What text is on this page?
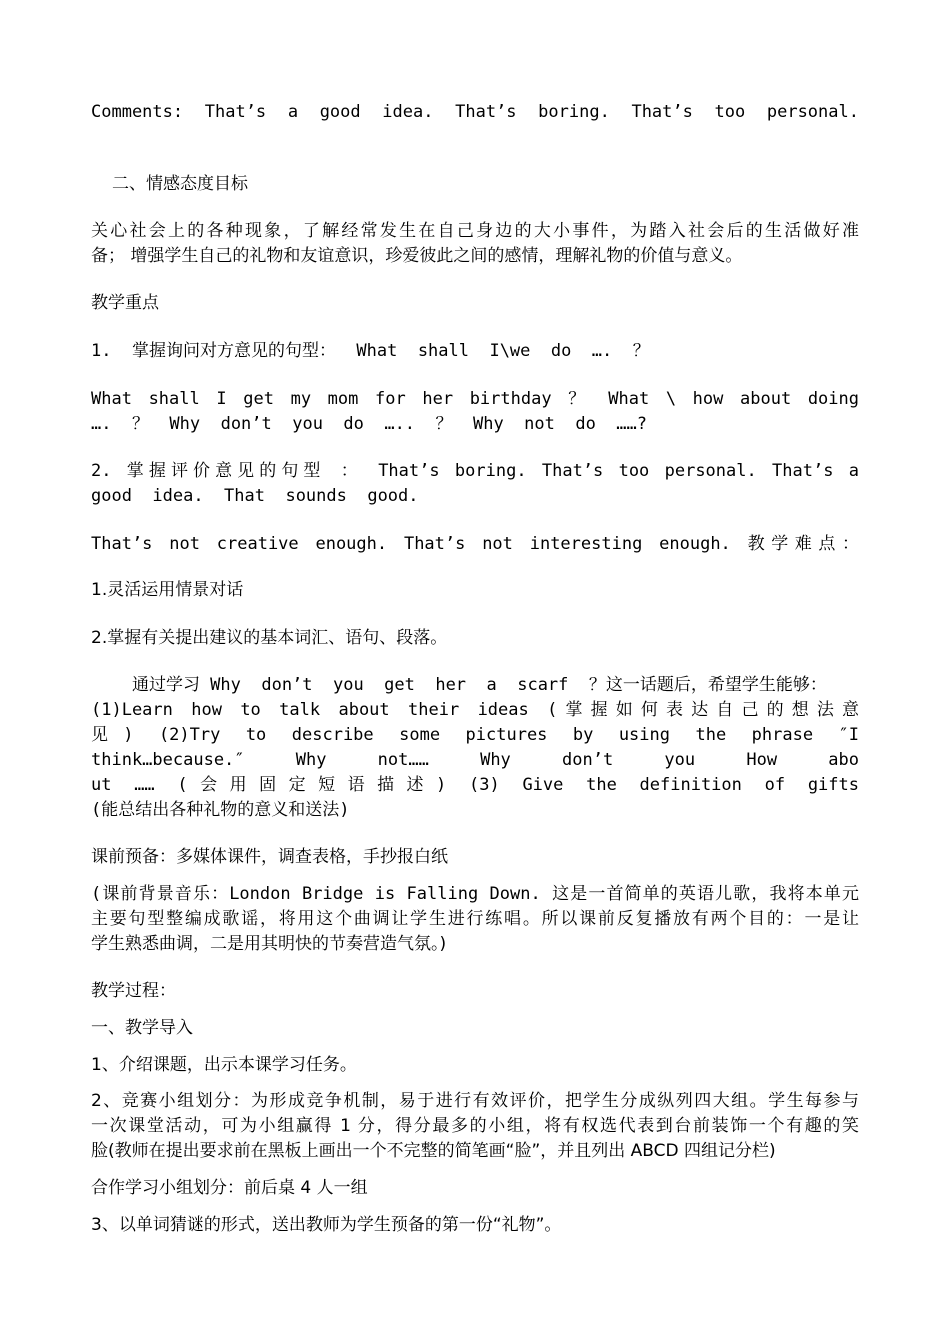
Comments: That’s a good idea. That’s boring. That’s too personal.
二、情感态度目标
关心社会上的各种现象，了解经常发生在自己身边的大小事件，为踏入社会后的生活做好准
备； 增强学生自己的礼物和友谊意识，珍爱彼此之间的感情，理解礼物的价值与意义。
教学重点
1.  掌握询问对方意见的句型：  What  shall  I\we  do  ….  ？
What shall I get my mom for her birthday ？ What \ how about doing
….  ？  Why  don’t  you  do  …..  ？  Why  not  do  ……?
2. 掌握评价意见的句型 ： That’s boring. That’s too personal. That’s a
good  idea.  That  sounds  good.
That’s not creative enough. That’s not interesting enough. 教学难点：
1.灵活运用情景对话
2.掌握有关提出建议的基本词汇、语句、段落。
通过学习 Why  don’t  you  get  her  a  scarf  ？这一话题后，希望学生能够：
(1)Learn how to talk about their ideas (掌握如何表达自己的想法意
见) (2)Try to describe some pictures by using the phrase ″I
think…because.″ Why not…… Why don’t you How abo
ut …… (会用固定短语描述) (3) Give the definition of gifts
(能总结出各种礼物的意义和送法)
课前预备：多媒体课件，调查表格，手抄报白纸
(课前背景音乐：London Bridge is Falling Down. 这是一首简单的英语儿歌，我将本单元
主要句型整编成歌谣，将用这个曲调让学生进行练唱。所以课前反复播放有两个目的：一是让
学生熟悉曲调，二是用其明快的节奏营造气氛。)
教学过程：
一、教学导入
1、介绍课题，出示本课学习任务。
2、竞赛小组划分：为形成竞争机制，易于进行有效评价，把学生分成纵列四大组。学生每参与
一次课堂活动，可为小组赢得 1 分，得分最多的小组，将有权选代表到台前装饰一个有趣的笑
脸(教师在提出要求前在黑板上画出一个不完整的简笔画“脸”，并且列出 ABCD 四组记分栏)
合作学习小组划分：前后桌 4 人一组
3、以单词猜谜的形式，送出教师为学生预备的第一份“礼物”。
